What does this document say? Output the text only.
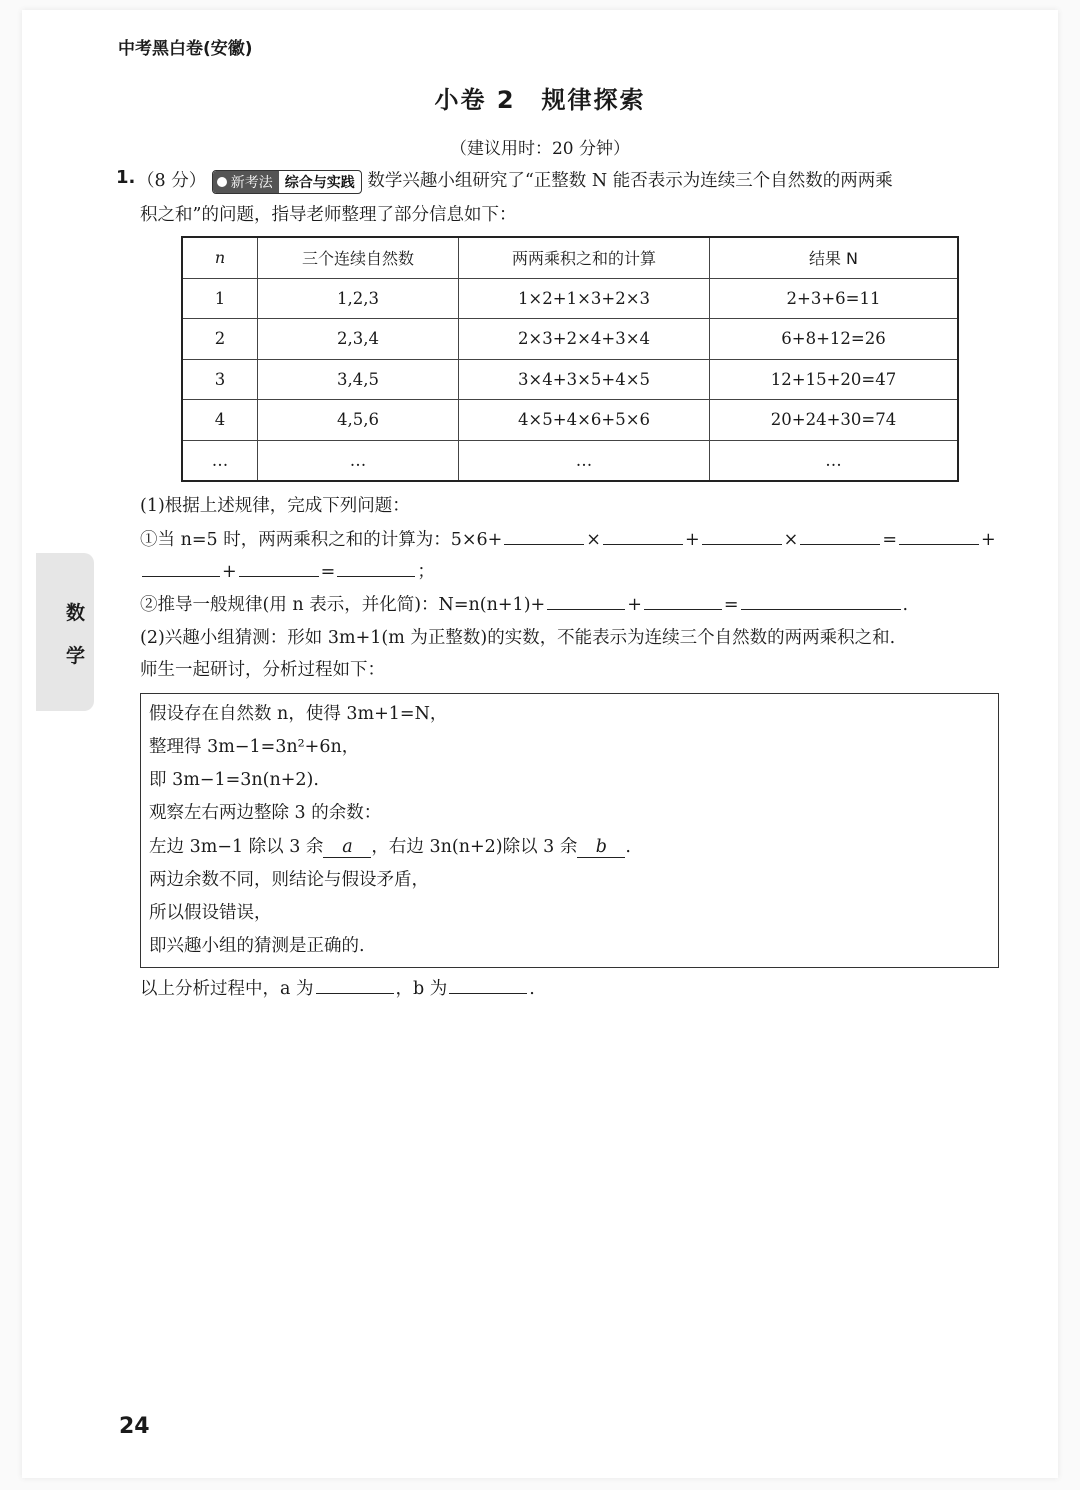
数
学
中考黑白卷(安徽)
小卷 2　规律探索
（建议用时：20 分钟）
1. （8 分） 新考法 综合与实践 数学兴趣小组研究了“正整数 N 能否表示为连续三个自然数的两两乘
积之和”的问题，指导老师整理了部分信息如下：
n	三个连续自然数	两两乘积之和的计算	结果 N
1	1,2,3	1×2+1×3+2×3	2+3+6=11
2	2,3,4	2×3+2×4+3×4	6+8+12=26
3	3,4,5	3×4+3×5+4×5	12+15+20=47
4	4,5,6	4×5+4×6+5×6	20+24+30=74
…	…	…	…
(1)根据上述规律，完成下列问题：
①当 n=5 时，两两乘积之和的计算为：5×6+	×	+	×	=	+
+	=	；
②推导一般规律(用 n 表示，并化简)：N=n(n+1)+	+	=	.
(2)兴趣小组猜测：形如 3m+1(m 为正整数)的实数，不能表示为连续三个自然数的两两乘积之和.
师生一起研讨，分析过程如下：
假设存在自然数 n，使得 3m+1=N，
整理得 3m−1=3n²+6n，
即 3m−1=3n(n+2).
观察左右两边整除 3 的余数：
左边 3m−1 除以 3 余 a ，右边 3n(n+2)除以 3 余 b .
两边余数不同，则结论与假设矛盾，
所以假设错误，
即兴趣小组的猜测是正确的.
以上分析过程中，a 为	，b 为	.
24
